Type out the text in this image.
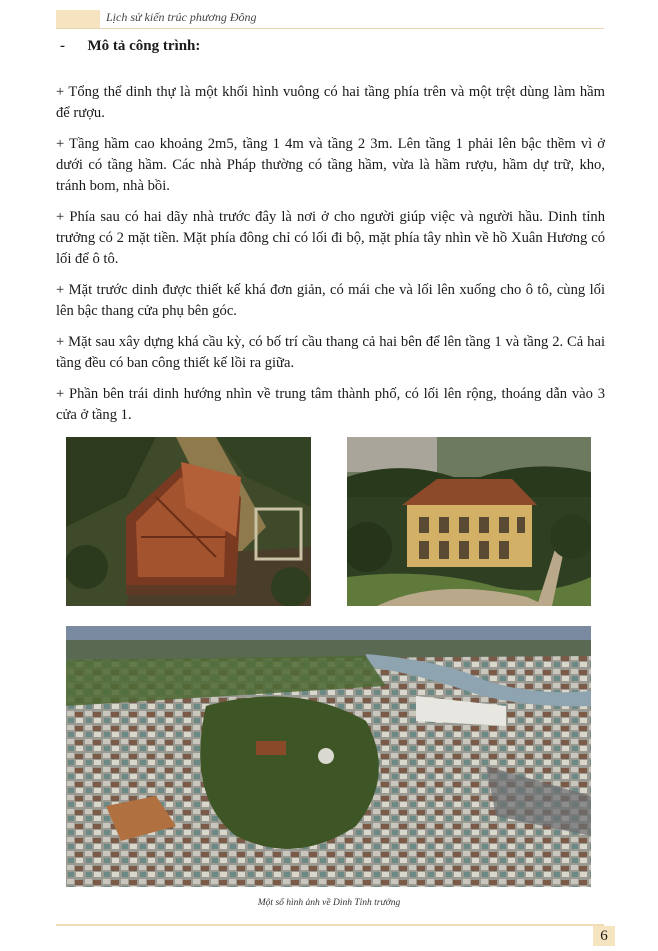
Lịch sử kiến trúc phương Đông
-      Mô tả công trình:

+ Tổng thể dinh thự là một khối hình vuông có hai tầng phía trên và một trệt dùng làm hầm để rượu.

+ Tầng hầm cao khoảng 2m5, tầng 1 4m và tầng 2 3m. Lên tầng 1 phải lên bậc thềm vì ở dưới có tầng hầm. Các nhà Pháp thường có tầng hầm, vừa là hầm rượu, hầm dự trữ, kho, tránh bom, nhà bồi.

+ Phía sau có hai dãy nhà trước đây là nơi ở cho người giúp việc và người hầu. Dinh tỉnh trưởng có 2 mặt tiền. Mặt phía đông chỉ có lối đi bộ, mặt phía tây nhìn về hồ Xuân Hương có lối để ô tô.

+ Mặt trước dinh được thiết kế khá đơn giản, có mái che và lối lên xuống cho ô tô, cùng lối lên bậc thang cửa phụ bên góc.

+ Mặt sau xây dựng khá cầu kỳ, có bố trí cầu thang cả hai bên để lên tầng 1 và tầng 2. Cả hai tầng đều có ban công thiết kế lồi ra giữa.

+ Phần bên trái dinh hướng nhìn về trung tâm thành phố, có lối lên rộng, thoáng dẫn vào 3 cửa ở tầng 1.

Một số hình ảnh về Dinh Tỉnh trưởng
6
